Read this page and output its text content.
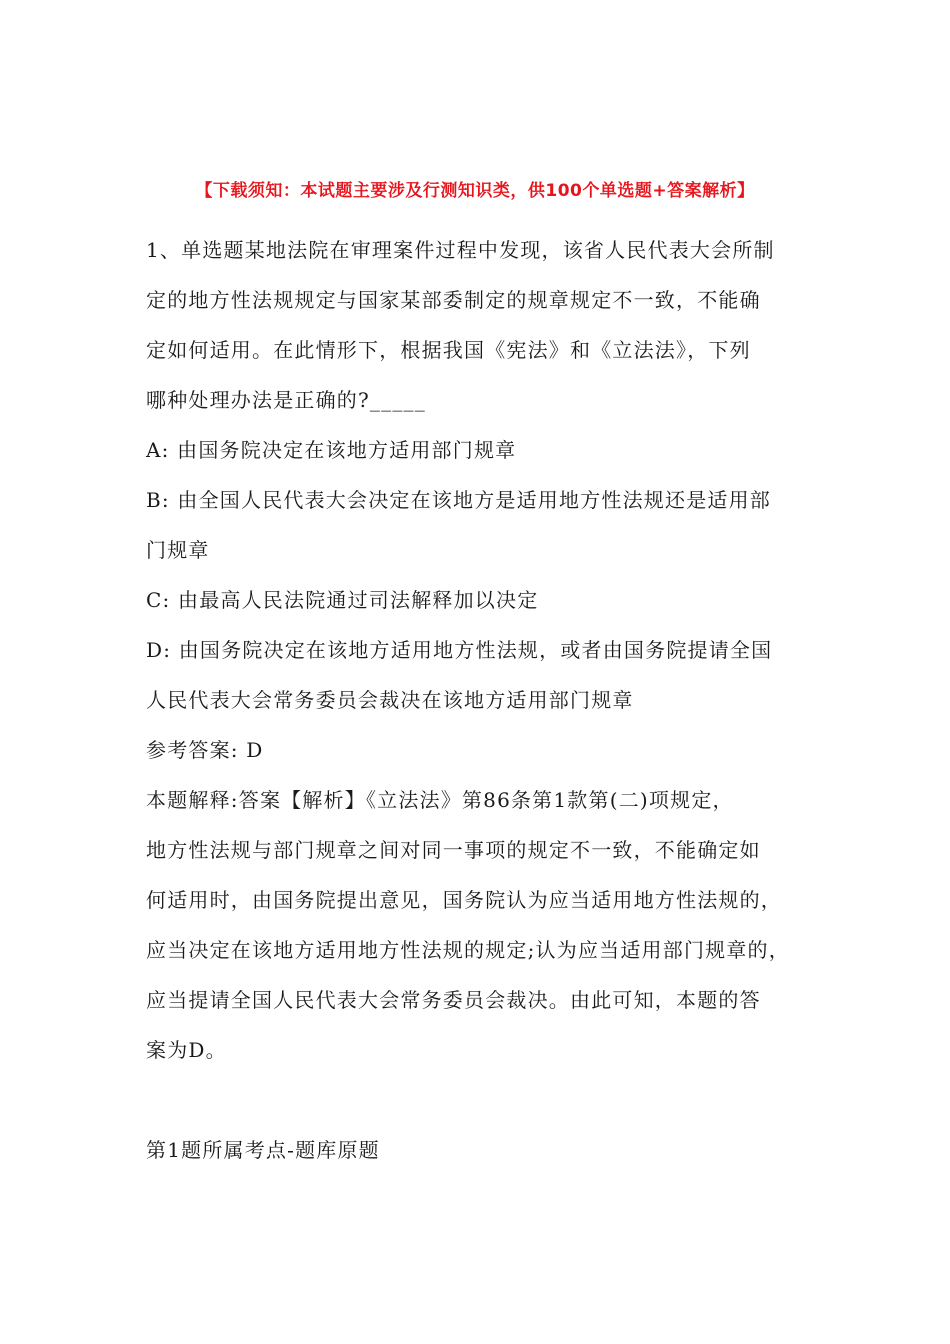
【下载须知：本试题主要涉及行测知识类，供100个单选题+答案解析】
1、单选题某地法院在审理案件过程中发现，该省人民代表大会所制
定的地方性法规规定与国家某部委制定的规章规定不一致，不能确
定如何适用。在此情形下，根据我国《宪法》和《立法法》，下列
哪种处理办法是正确的?_____
A: 由国务院决定在该地方适用部门规章
B: 由全国人民代表大会决定在该地方是适用地方性法规还是适用部
门规章
C: 由最高人民法院通过司法解释加以决定
D: 由国务院决定在该地方适用地方性法规，或者由国务院提请全国
人民代表大会常务委员会裁决在该地方适用部门规章
参考答案: D
本题解释:答案【解析】《立法法》第86条第1款第(二)项规定，
地方性法规与部门规章之间对同一事项的规定不一致，不能确定如
何适用时，由国务院提出意见，国务院认为应当适用地方性法规的，
应当决定在该地方适用地方性法规的规定;认为应当适用部门规章的，
应当提请全国人民代表大会常务委员会裁决。由此可知，本题的答
案为D。
第1题所属考点-题库原题
